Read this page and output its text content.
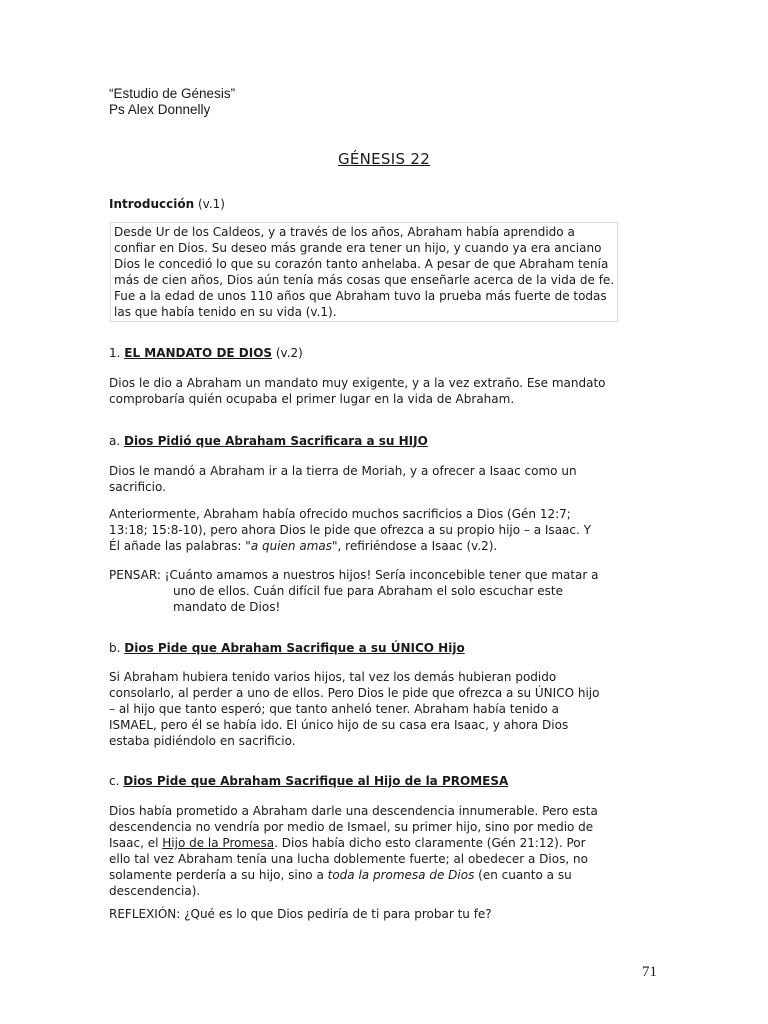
“Estudio de Génesis”
Ps Alex Donnelly
GÉNESIS 22
Introducción (v.1)
Desde Ur de los Caldeos, y a través de los años, Abraham había aprendido a
confiar en Dios. Su deseo más grande era tener un hijo, y cuando ya era anciano
Dios le concedió lo que su corazón tanto anhelaba. A pesar de que Abraham tenía
más de cien años, Dios aún tenía más cosas que enseñarle acerca de la vida de fe.
Fue a la edad de unos 110 años que Abraham tuvo la prueba más fuerte de todas
las que había tenido en su vida (v.1).
1. EL MANDATO DE DIOS (v.2)
Dios le dio a Abraham un mandato muy exigente, y a la vez extraño. Ese mandato
comprobaría quién ocupaba el primer lugar en la vida de Abraham.
a. Dios Pidió que Abraham Sacrificara a su HIJO
Dios le mandó a Abraham ir a la tierra de Moriah, y a ofrecer a Isaac como un
sacrificio.
Anteriormente, Abraham había ofrecido muchos sacrificios a Dios (Gén 12:7;
13:18; 15:8-10), pero ahora Dios le pide que ofrezca a su propio hijo – a Isaac. Y
Él añade las palabras: "a quien amas", refiriéndose a Isaac (v.2).
PENSAR: ¡Cuánto amamos a nuestros hijos! Sería inconcebible tener que matar a
uno de ellos. Cuán difícil fue para Abraham el solo escuchar este
mandato de Dios!
b. Dios Pide que Abraham Sacrifique a su ÚNICO Hijo
Si Abraham hubiera tenido varios hijos, tal vez los demás hubieran podido
consolarlo, al perder a uno de ellos. Pero Dios le pide que ofrezca a su ÚNICO hijo
– al hijo que tanto esperó; que tanto anheló tener. Abraham había tenido a
ISMAEL, pero él se había ido. El único hijo de su casa era Isaac, y ahora Dios
estaba pidiéndolo en sacrificio.
c. Dios Pide que Abraham Sacrifique al Hijo de la PROMESA
Dios había prometido a Abraham darle una descendencia innumerable. Pero esta
descendencia no vendría por medio de Ismael, su primer hijo, sino por medio de
Isaac, el Hijo de la Promesa. Dios había dicho esto claramente (Gén 21:12). Por
ello tal vez Abraham tenía una lucha doblemente fuerte; al obedecer a Dios, no
solamente perdería a su hijo, sino a toda la promesa de Dios (en cuanto a su
descendencia).
REFLEXIÓN: ¿Qué es lo que Dios pediría de ti para probar tu fe?
71
